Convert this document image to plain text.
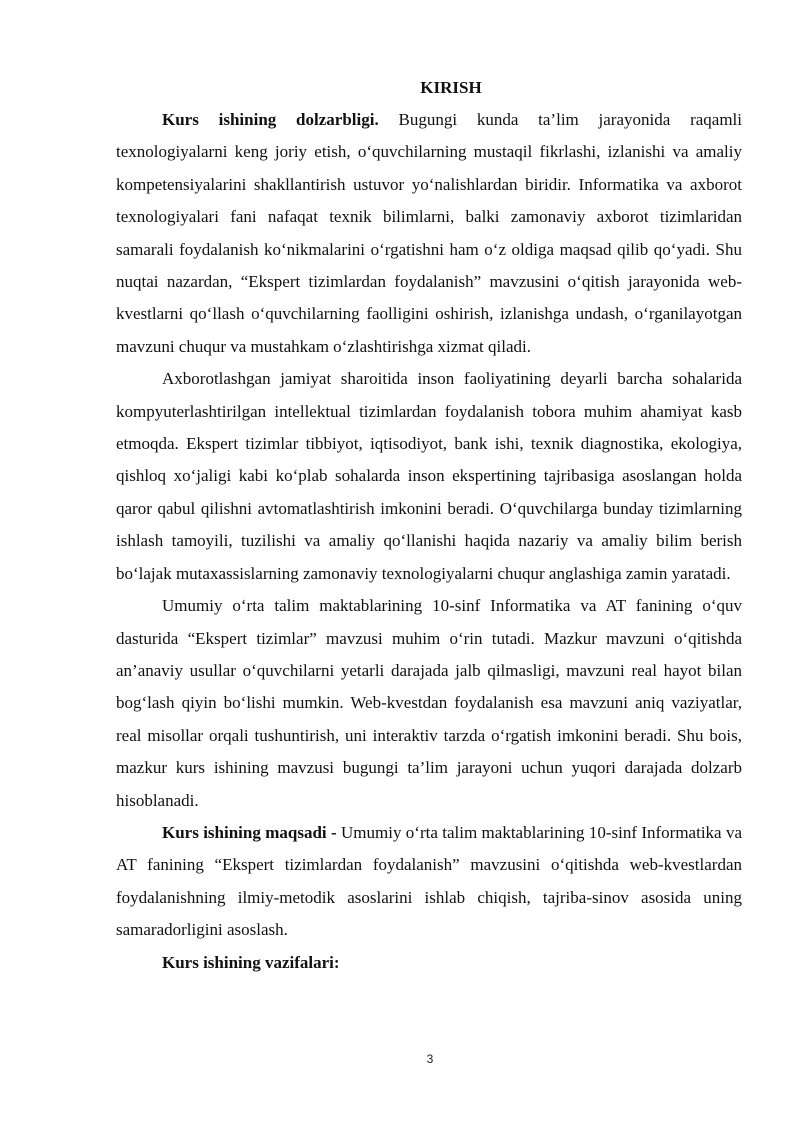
KIRISH

Kurs ishining dolzarbligi. Bugungi kunda ta’lim jarayonida raqamli texnologiyalarni keng joriy etish, o‘quvchilarning mustaqil fikrlashi, izlanishi va amaliy kompetensiyalarini shakllantirish ustuvor yo‘nalishlardan biridir. Informatika va axborot texnologiyalari fani nafaqat texnik bilimlarni, balki zamonaviy axborot tizimlaridan samarali foydalanish ko‘nikmalarini o‘rgatishni ham o‘z oldiga maqsad qilib qo‘yadi. Shu nuqtai nazardan, “Ekspert tizimlardan foydalanish” mavzusini o‘qitish jarayonida web-kvestlarni qo‘llash o‘quvchilarning faolligini oshirish, izlanishga undash, o‘rganilayotgan mavzuni chuqur va mustahkam o‘zlashtirishga xizmat qiladi.

Axborotlashgan jamiyat sharoitida inson faoliyatining deyarli barcha sohalarida kompyuterlashtirilgan intellektual tizimlardan foydalanish tobora muhim ahamiyat kasb etmoqda. Ekspert tizimlar tibbiyot, iqtisodiyot, bank ishi, texnik diagnostika, ekologiya, qishloq xo‘jaligi kabi ko‘plab sohalarda inson ekspertining tajribasiga asoslangan holda qaror qabul qilishni avtomatlashtirish imkonini beradi. O‘quvchilarga bunday tizimlarning ishlash tamoyili, tuzilishi va amaliy qo‘llanishi haqida nazariy va amaliy bilim berish bo‘lajak mutaxassislarning zamonaviy texnologiyalarni chuqur anglashiga zamin yaratadi.

Umumiy o‘rta talim maktablarining 10-sinf Informatika va AT fanining o‘quv dasturida “Ekspert tizimlar” mavzusi muhim o‘rin tutadi. Mazkur mavzuni o‘qitishda an’anaviy usullar o‘quvchilarni yetarli darajada jalb qilmasligi, mavzuni real hayot bilan bog‘lash qiyin bo‘lishi mumkin. Web-kvestdan foydalanish esa mavzuni aniq vaziyatlar, real misollar orqali tushuntirish, uni interaktiv tarzda o‘rgatish imkonini beradi. Shu bois, mazkur kurs ishining mavzusi bugungi ta’lim jarayoni uchun yuqori darajada dolzarb hisoblanadi.

Kurs ishining maqsadi - Umumiy o‘rta talim maktablarining 10-sinf Informatika va AT fanining “Ekspert tizimlardan foydalanish” mavzusini o‘qitishda web-kvestlardan foydalanishning ilmiy-metodik asoslarini ishlab chiqish, tajriba-sinov asosida uning samaradorligini asoslash.

Kurs ishining vazifalari:

3
